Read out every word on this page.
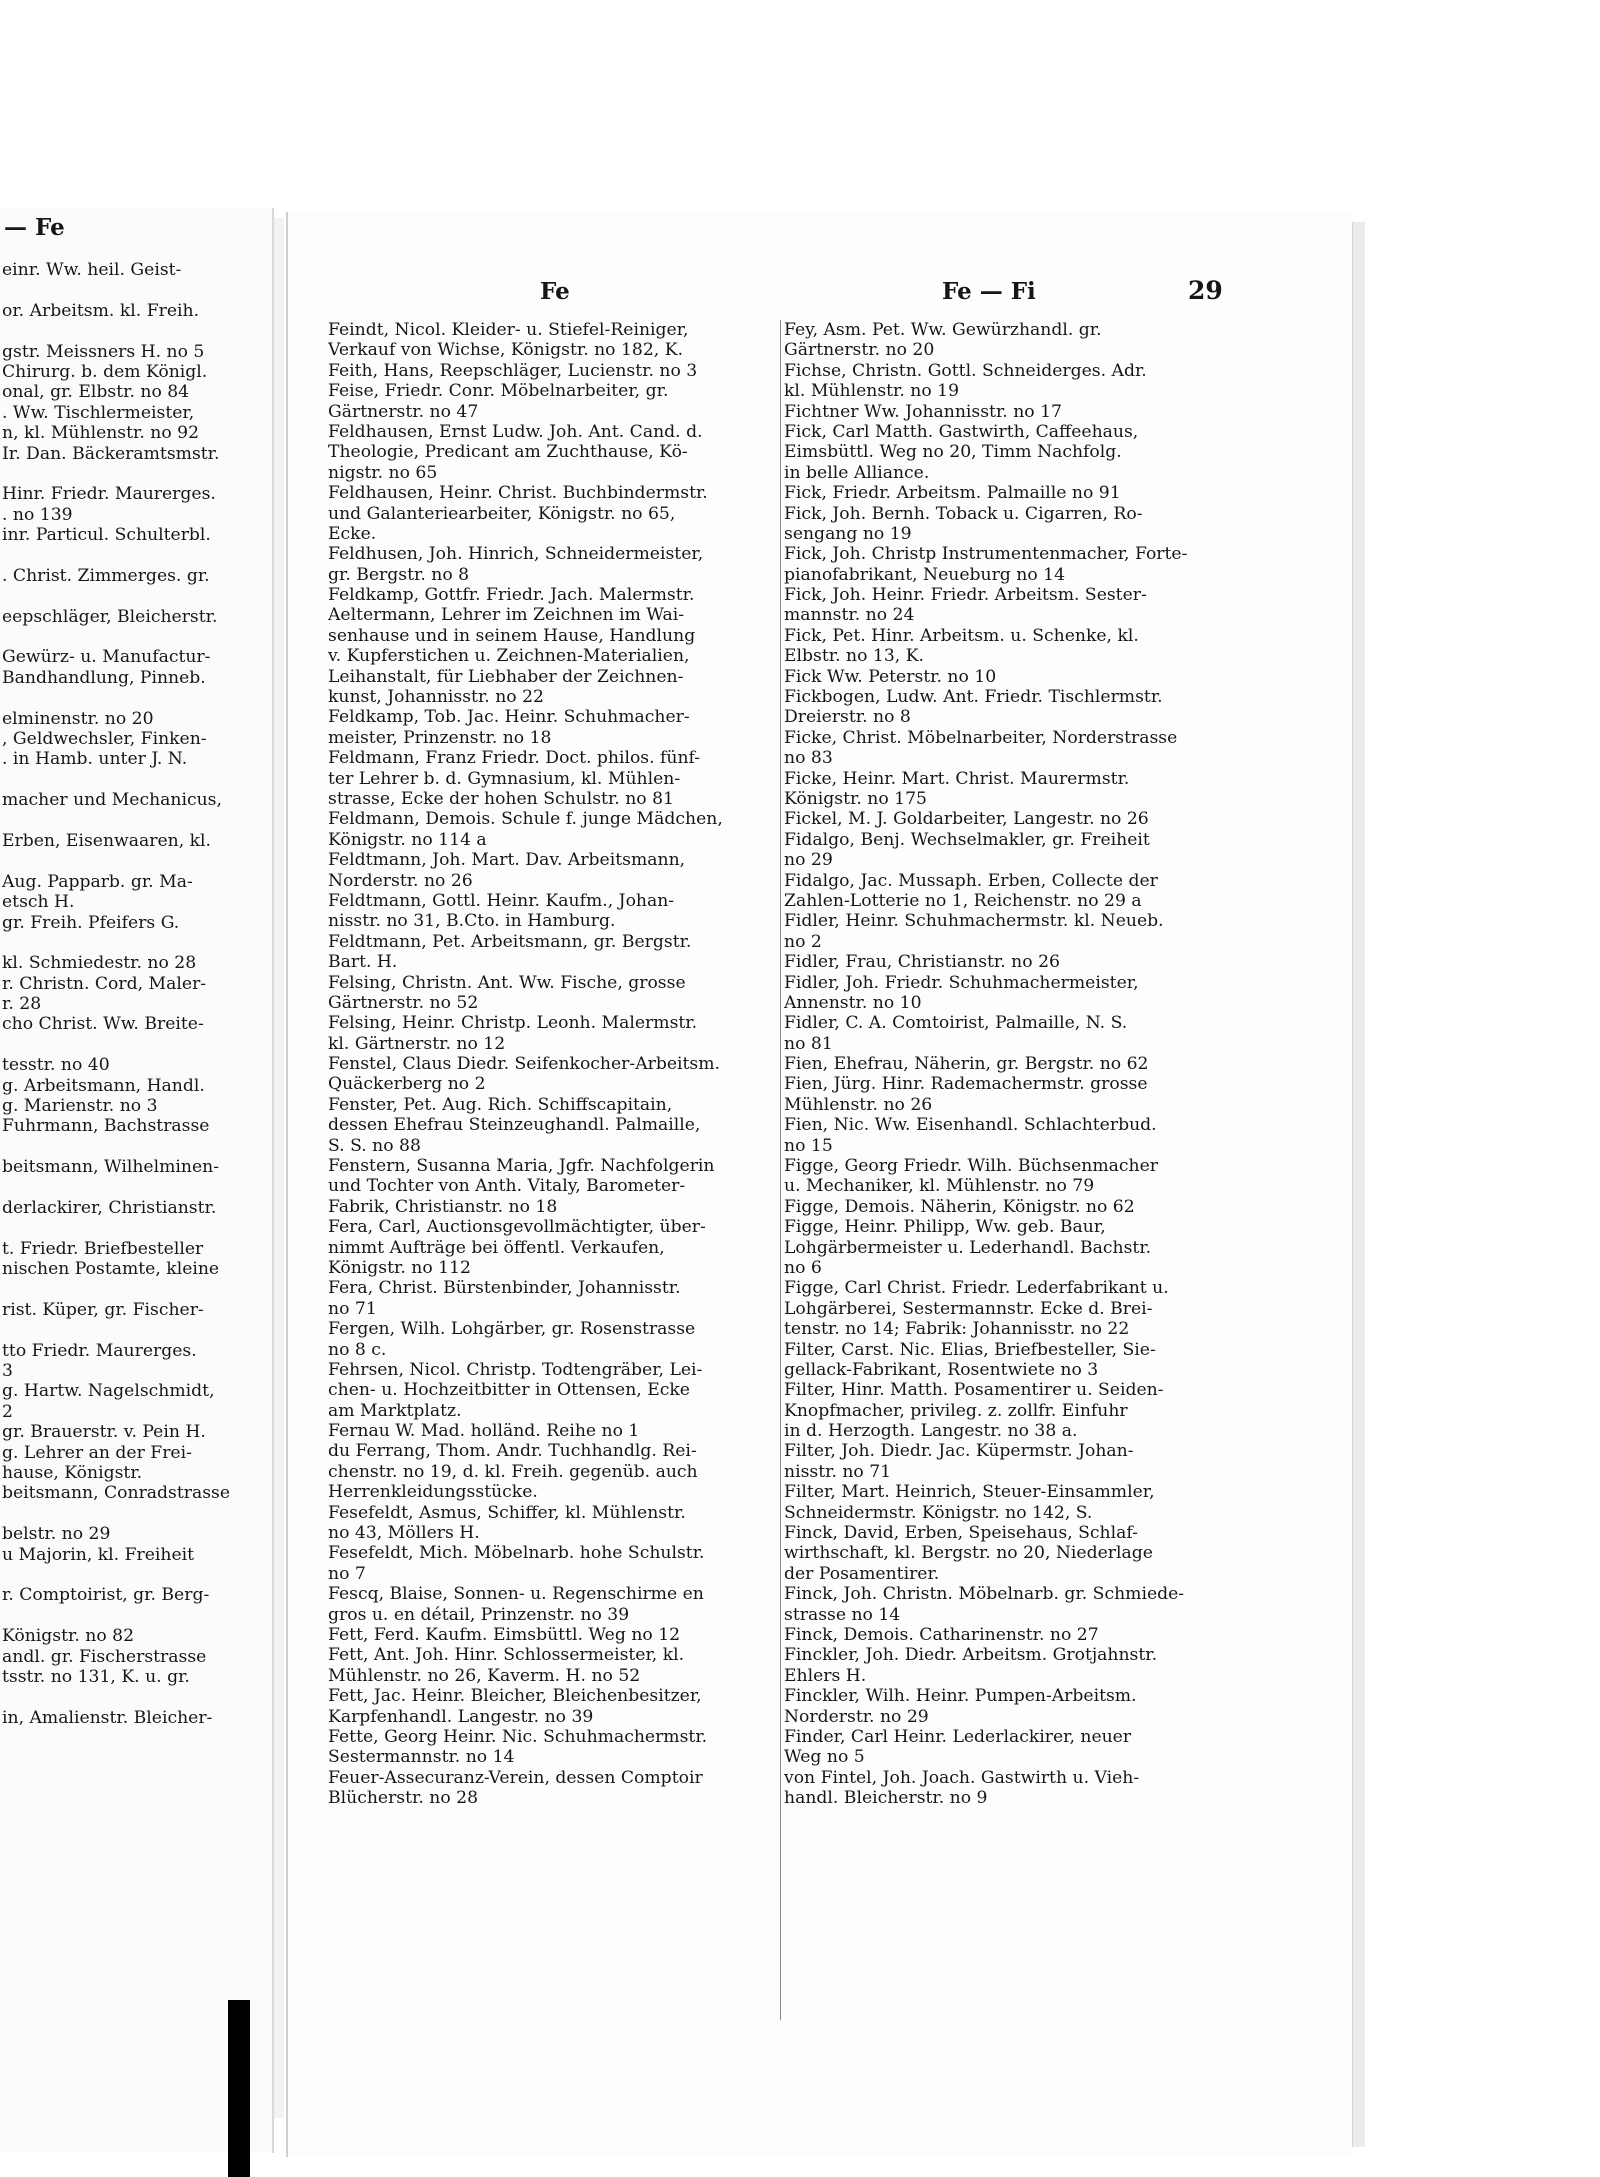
— Fe
einr. Ww. heil. Geist-
or. Arbeitsm. kl. Freih.
gstr. Meissners H. no 5
Chirurg. b. dem Königl.
onal, gr. Elbstr. no 84
. Ww. Tischlermeister,
n, kl. Mühlenstr. no 92
Ir. Dan. Bäckeramtsmstr.
Hinr. Friedr. Maurerges.
. no 139
inr. Particul. Schulterbl.
. Christ. Zimmerges. gr.
eepschläger, Bleicherstr.
Gewürz- u. Manufactur-
Bandhandlung, Pinneb.
elminenstr. no 20
, Geldwechsler, Finken-
. in Hamb. unter J. N.
macher und Mechanicus,
Erben, Eisenwaaren, kl.
Aug. Papparb. gr. Ma-
etsch H.
gr. Freih. Pfeifers G.
kl. Schmiedestr. no 28
r. Christn. Cord, Maler-
r. 28
cho Christ. Ww. Breite-
tesstr. no 40
g. Arbeitsmann, Handl.
g. Marienstr. no 3
Fuhrmann, Bachstrasse
beitsmann, Wilhelminen-
derlackirer, Christianstr.
t. Friedr. Briefbesteller
nischen Postamte, kleine
rist. Küper, gr. Fischer-
tto Friedr. Maurerges.
3
g. Hartw. Nagelschmidt,
2
gr. Brauerstr. v. Pein H.
g. Lehrer an der Frei-
hause, Königstr.
beitsmann, Conradstrasse
belstr. no 29
u Majorin, kl. Freiheit
r. Comptoirist, gr. Berg-
Königstr. no 82
andl. gr. Fischerstrasse
tsstr. no 131, K. u. gr.
in, Amalienstr. Bleicher-
Fe	Fe — Fi	29
Feindt, Nicol. Kleider- u. Stiefel-Reiniger,
Verkauf von Wichse, Königstr. no 182, K.
Feith, Hans, Reepschläger, Lucienstr. no 3
Feise, Friedr. Conr. Möbelnarbeiter, gr.
Gärtnerstr. no 47
Feldhausen, Ernst Ludw. Joh. Ant. Cand. d.
Theologie, Predicant am Zuchthause, Kö-
nigstr. no 65
Feldhausen, Heinr. Christ. Buchbindermstr.
und Galanteriearbeiter, Königstr. no 65,
Ecke.
Feldhusen, Joh. Hinrich, Schneidermeister,
gr. Bergstr. no 8
Feldkamp, Gottfr. Friedr. Jach. Malermstr.
Aeltermann, Lehrer im Zeichnen im Wai-
senhause und in seinem Hause, Handlung
v. Kupferstichen u. Zeichnen-Materialien,
Leihanstalt, für Liebhaber der Zeichnen-
kunst, Johannisstr. no 22
Feldkamp, Tob. Jac. Heinr. Schuhmacher-
meister, Prinzenstr. no 18
Feldmann, Franz Friedr. Doct. philos. fünf-
ter Lehrer b. d. Gymnasium, kl. Mühlen-
strasse, Ecke der hohen Schulstr. no 81
Feldmann, Demois. Schule f. junge Mädchen,
Königstr. no 114 a
Feldtmann, Joh. Mart. Dav. Arbeitsmann,
Norderstr. no 26
Feldtmann, Gottl. Heinr. Kaufm., Johan-
nisstr. no 31, B.Cto. in Hamburg.
Feldtmann, Pet. Arbeitsmann, gr. Bergstr.
Bart. H.
Felsing, Christn. Ant. Ww. Fische, grosse
Gärtnerstr. no 52
Felsing, Heinr. Christp. Leonh. Malermstr.
kl. Gärtnerstr. no 12
Fenstel, Claus Diedr. Seifenkocher-Arbeitsm.
Quäckerberg no 2
Fenster, Pet. Aug. Rich. Schiffscapitain,
dessen Ehefrau Steinzeughandl. Palmaille,
S. S. no 88
Fenstern, Susanna Maria, Jgfr. Nachfolgerin
und Tochter von Anth. Vitaly, Barometer-
Fabrik, Christianstr. no 18
Fera, Carl, Auctionsgevollmächtigter, über-
nimmt Aufträge bei öffentl. Verkaufen,
Königstr. no 112
Fera, Christ. Bürstenbinder, Johannisstr.
no 71
Fergen, Wilh. Lohgärber, gr. Rosenstrasse
no 8 c.
Fehrsen, Nicol. Christp. Todtengräber, Lei-
chen- u. Hochzeitbitter in Ottensen, Ecke
am Marktplatz.
Fernau W. Mad. holländ. Reihe no 1
du Ferrang, Thom. Andr. Tuchhandlg. Rei-
chenstr. no 19, d. kl. Freih. gegenüb. auch
Herrenkleidungsstücke.
Fesefeldt, Asmus, Schiffer, kl. Mühlenstr.
no 43, Möllers H.
Fesefeldt, Mich. Möbelnarb. hohe Schulstr.
no 7
Fescq, Blaise, Sonnen- u. Regenschirme en
gros u. en détail, Prinzenstr. no 39
Fett, Ferd. Kaufm. Eimsbüttl. Weg no 12
Fett, Ant. Joh. Hinr. Schlossermeister, kl.
Mühlenstr. no 26, Kaverm. H. no 52
Fett, Jac. Heinr. Bleicher, Bleichenbesitzer,
Karpfenhandl. Langestr. no 39
Fette, Georg Heinr. Nic. Schuhmachermstr.
Sestermannstr. no 14
Feuer-Assecuranz-Verein, dessen Comptoir
Blücherstr. no 28
Fey, Asm. Pet. Ww. Gewürzhandl. gr.
Gärtnerstr. no 20
Fichse, Christn. Gottl. Schneiderges. Adr.
kl. Mühlenstr. no 19
Fichtner Ww. Johannisstr. no 17
Fick, Carl Matth. Gastwirth, Caffeehaus,
Eimsbüttl. Weg no 20, Timm Nachfolg.
in belle Alliance.
Fick, Friedr. Arbeitsm. Palmaille no 91
Fick, Joh. Bernh. Toback u. Cigarren, Ro-
sengang no 19
Fick, Joh. Christp Instrumentenmacher, Forte-
pianofabrikant, Neueburg no 14
Fick, Joh. Heinr. Friedr. Arbeitsm. Sester-
mannstr. no 24
Fick, Pet. Hinr. Arbeitsm. u. Schenke, kl.
Elbstr. no 13, K.
Fick Ww. Peterstr. no 10
Fickbogen, Ludw. Ant. Friedr. Tischlermstr.
Dreierstr. no 8
Ficke, Christ. Möbelnarbeiter, Norderstrasse
no 83
Ficke, Heinr. Mart. Christ. Maurermstr.
Königstr. no 175
Fickel, M. J. Goldarbeiter, Langestr. no 26
Fidalgo, Benj. Wechselmakler, gr. Freiheit
no 29
Fidalgo, Jac. Mussaph. Erben, Collecte der
Zahlen-Lotterie no 1, Reichenstr. no 29 a
Fidler, Heinr. Schuhmachermstr. kl. Neueb.
no 2
Fidler, Frau, Christianstr. no 26
Fidler, Joh. Friedr. Schuhmachermeister,
Annenstr. no 10
Fidler, C. A. Comtoirist, Palmaille, N. S.
no 81
Fien, Ehefrau, Näherin, gr. Bergstr. no 62
Fien, Jürg. Hinr. Rademachermstr. grosse
Mühlenstr. no 26
Fien, Nic. Ww. Eisenhandl. Schlachterbud.
no 15
Figge, Georg Friedr. Wilh. Büchsenmacher
u. Mechaniker, kl. Mühlenstr. no 79
Figge, Demois. Näherin, Königstr. no 62
Figge, Heinr. Philipp, Ww. geb. Baur,
Lohgärbermeister u. Lederhandl. Bachstr.
no 6
Figge, Carl Christ. Friedr. Lederfabrikant u.
Lohgärberei, Sestermannstr. Ecke d. Brei-
tenstr. no 14; Fabrik: Johannisstr. no 22
Filter, Carst. Nic. Elias, Briefbesteller, Sie-
gellack-Fabrikant, Rosentwiete no 3
Filter, Hinr. Matth. Posamentirer u. Seiden-
Knopfmacher, privileg. z. zollfr. Einfuhr
in d. Herzogth. Langestr. no 38 a.
Filter, Joh. Diedr. Jac. Küpermstr. Johan-
nisstr. no 71
Filter, Mart. Heinrich, Steuer-Einsammler,
Schneidermstr. Königstr. no 142, S.
Finck, David, Erben, Speisehaus, Schlaf-
wirthschaft, kl. Bergstr. no 20, Niederlage
der Posamentirer.
Finck, Joh. Christn. Möbelnarb. gr. Schmiede-
strasse no 14
Finck, Demois. Catharinenstr. no 27
Finckler, Joh. Diedr. Arbeitsm. Grotjahnstr.
Ehlers H.
Finckler, Wilh. Heinr. Pumpen-Arbeitsm.
Norderstr. no 29
Finder, Carl Heinr. Lederlackirer, neuer
Weg no 5
von Fintel, Joh. Joach. Gastwirth u. Vieh-
handl. Bleicherstr. no 9
